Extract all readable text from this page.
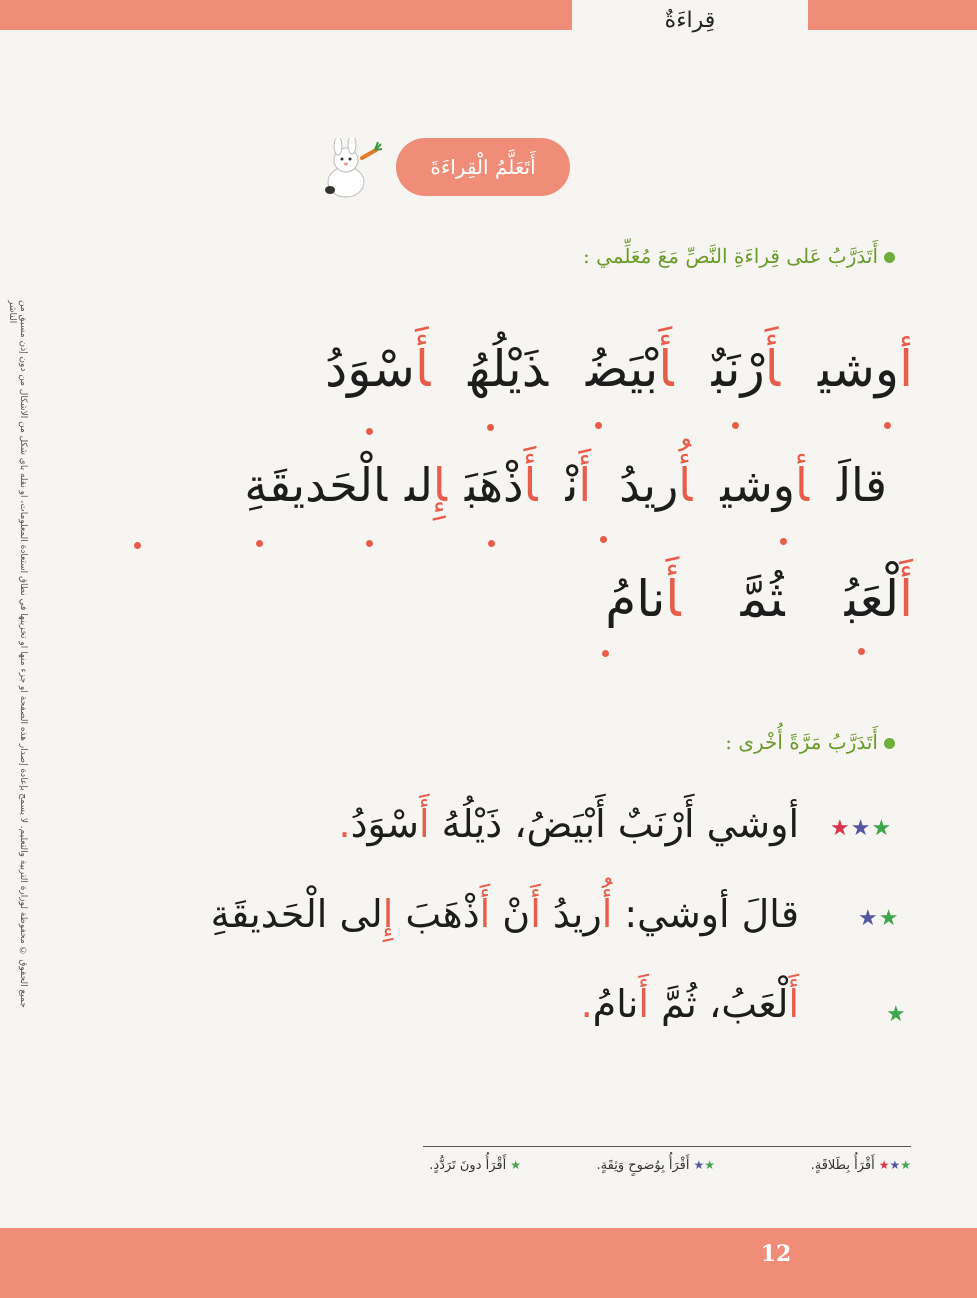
قِراءَةٌ
أَتَعَلَّمُ الْقِراءَةَ
جميع الحقوق © محفوظة لوزارة التربية والتعليم. لا يسمح بإعادة إصدار هذه الصفحة أو جزء منها أو تخزينها في نطاق استعادة المعلومات، أو نقله بأي شكل من الأشكال من دون إذن مسبق من الناشر
أَتَدَرَّبُ عَلى قِراءَةِ النَّصِّ مَعَ مُعَلِّمي :
أوشيأَرْنَبٌأَبْيَضُذَيْلُهُأَسْوَدُ
قالَأوشيأُريدُأَنْأَذْهَبَإِلىالْحَديقَةِ
أَلْعَبُثُمَّأَنامُ
أَتَدَرَّبُ مَرَّةً أُخْرى :
★★★
أوشي أَرْنَبٌ أَبْيَضُ، ذَيْلُهُ أَسْوَدُ.
★★
قالَ أوشي: أُريدُ أَنْ أَذْهَبَ إِلى الْحَديقَةِ
★
أَلْعَبُ، ثُمَّ أَنامُ.
★★★أَقْرَأُ بِطَلاقَةٍ.
★★أَقْرَأُ بِوُضوحٍ وَثِقَةٍ.
★أَقْرَأُ دونَ تَرَدُّدٍ.
12
